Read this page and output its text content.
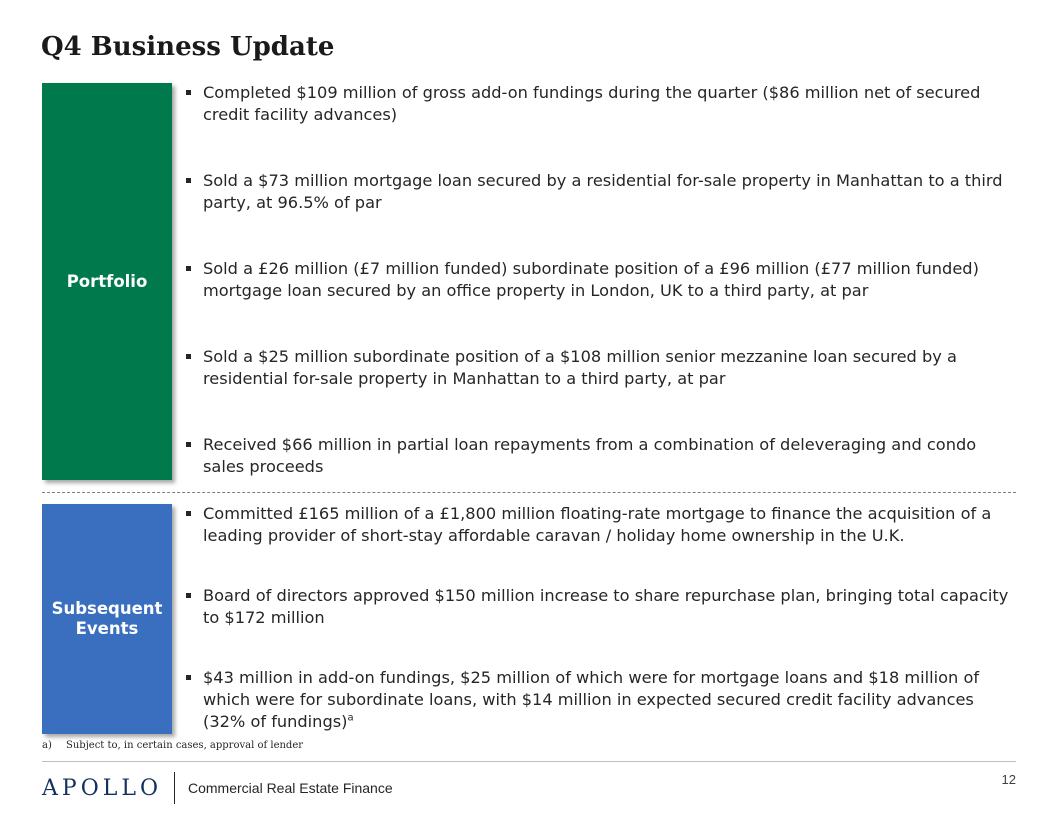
Q4 Business Update
Portfolio
Completed $109 million of gross add-on fundings during the quarter ($86 million net of secured credit facility advances)
Sold a $73 million mortgage loan secured by a residential for-sale property in Manhattan to a third party, at 96.5% of par
Sold a £26 million (£7 million funded) subordinate position of a £96 million (£77 million funded) mortgage loan secured by an office property in London, UK to a third party, at par
Sold a $25 million subordinate position of a $108 million senior mezzanine loan secured by a residential for-sale property in Manhattan to a third party, at par
Received $66 million in partial loan repayments from a combination of deleveraging and condo sales proceeds
Subsequent
Events
Committed £165 million of a £1,800 million floating-rate mortgage to finance the acquisition of a leading provider of short-stay affordable caravan / holiday home ownership in the U.K.
Board of directors approved $150 million increase to share repurchase plan, bringing total capacity to $172 million
$43 million in add-on fundings, $25 million of which were for mortgage loans and $18 million of which were for subordinate loans, with $14 million in expected secured credit facility advances (32% of fundings)$^a$
a) Subject to, in certain cases, approval of lender
APOLLO Commercial Real Estate Finance
12
